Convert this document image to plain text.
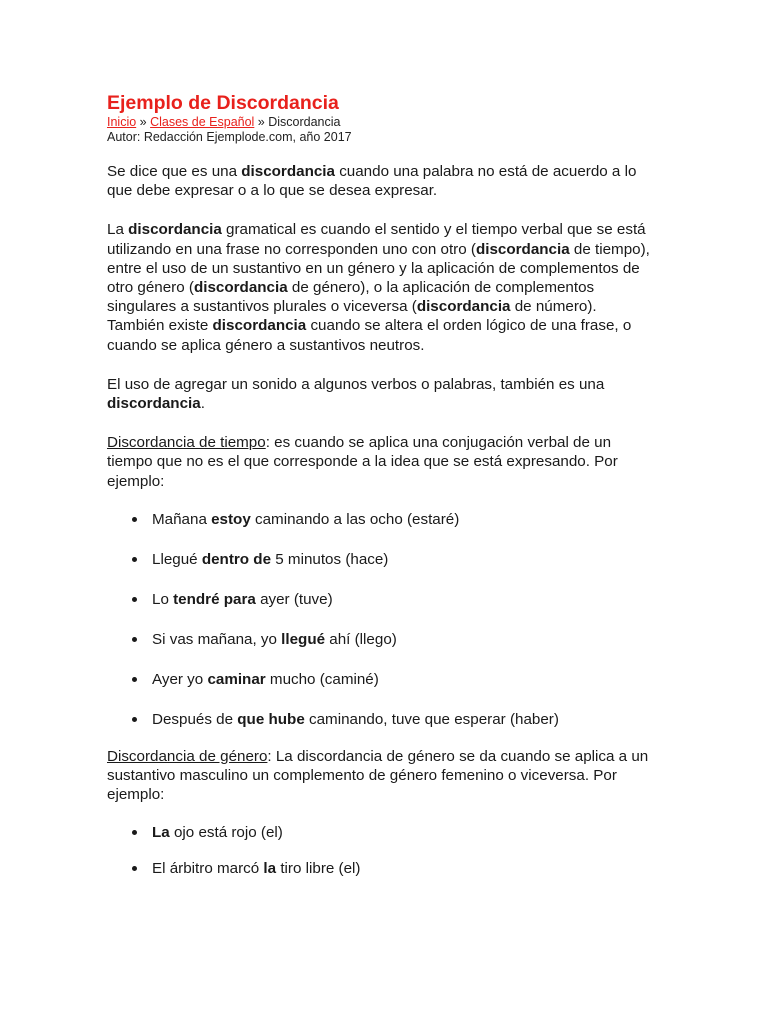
Ejemplo de Discordancia
Inicio » Clases de Español » Discordancia
Autor: Redacción Ejemplode.com, año 2017

Se dice que es una discordancia cuando una palabra no está de acuerdo a lo que debe expresar o a lo que se desea expresar.

La discordancia gramatical es cuando el sentido y el tiempo verbal que se está utilizando en una frase no corresponden uno con otro (discordancia de tiempo), entre el uso de un sustantivo en un género y la aplicación de complementos de otro género (discordancia de género), o la aplicación de complementos singulares a sustantivos plurales o viceversa (discordancia de número). También existe discordancia cuando se altera el orden lógico de una frase, o cuando se aplica género a sustantivos neutros.

El uso de agregar un sonido a algunos verbos o palabras, también es una discordancia.

Discordancia de tiempo: es cuando se aplica una conjugación verbal de un tiempo que no es el que corresponde a la idea que se está expresando. Por ejemplo:

Mañana estoy caminando a las ocho (estaré)
Llegué dentro de 5 minutos (hace)
Lo tendré para ayer (tuve)
Si vas mañana, yo llegué ahí (llego)
Ayer yo caminar mucho (caminé)
Después de que hube caminando, tuve que esperar (haber)

Discordancia de género: La discordancia de género se da cuando se aplica a un sustantivo masculino un complemento de género femenino o viceversa. Por ejemplo:

La ojo está rojo (el)
El árbitro marcó la tiro libre (el)
